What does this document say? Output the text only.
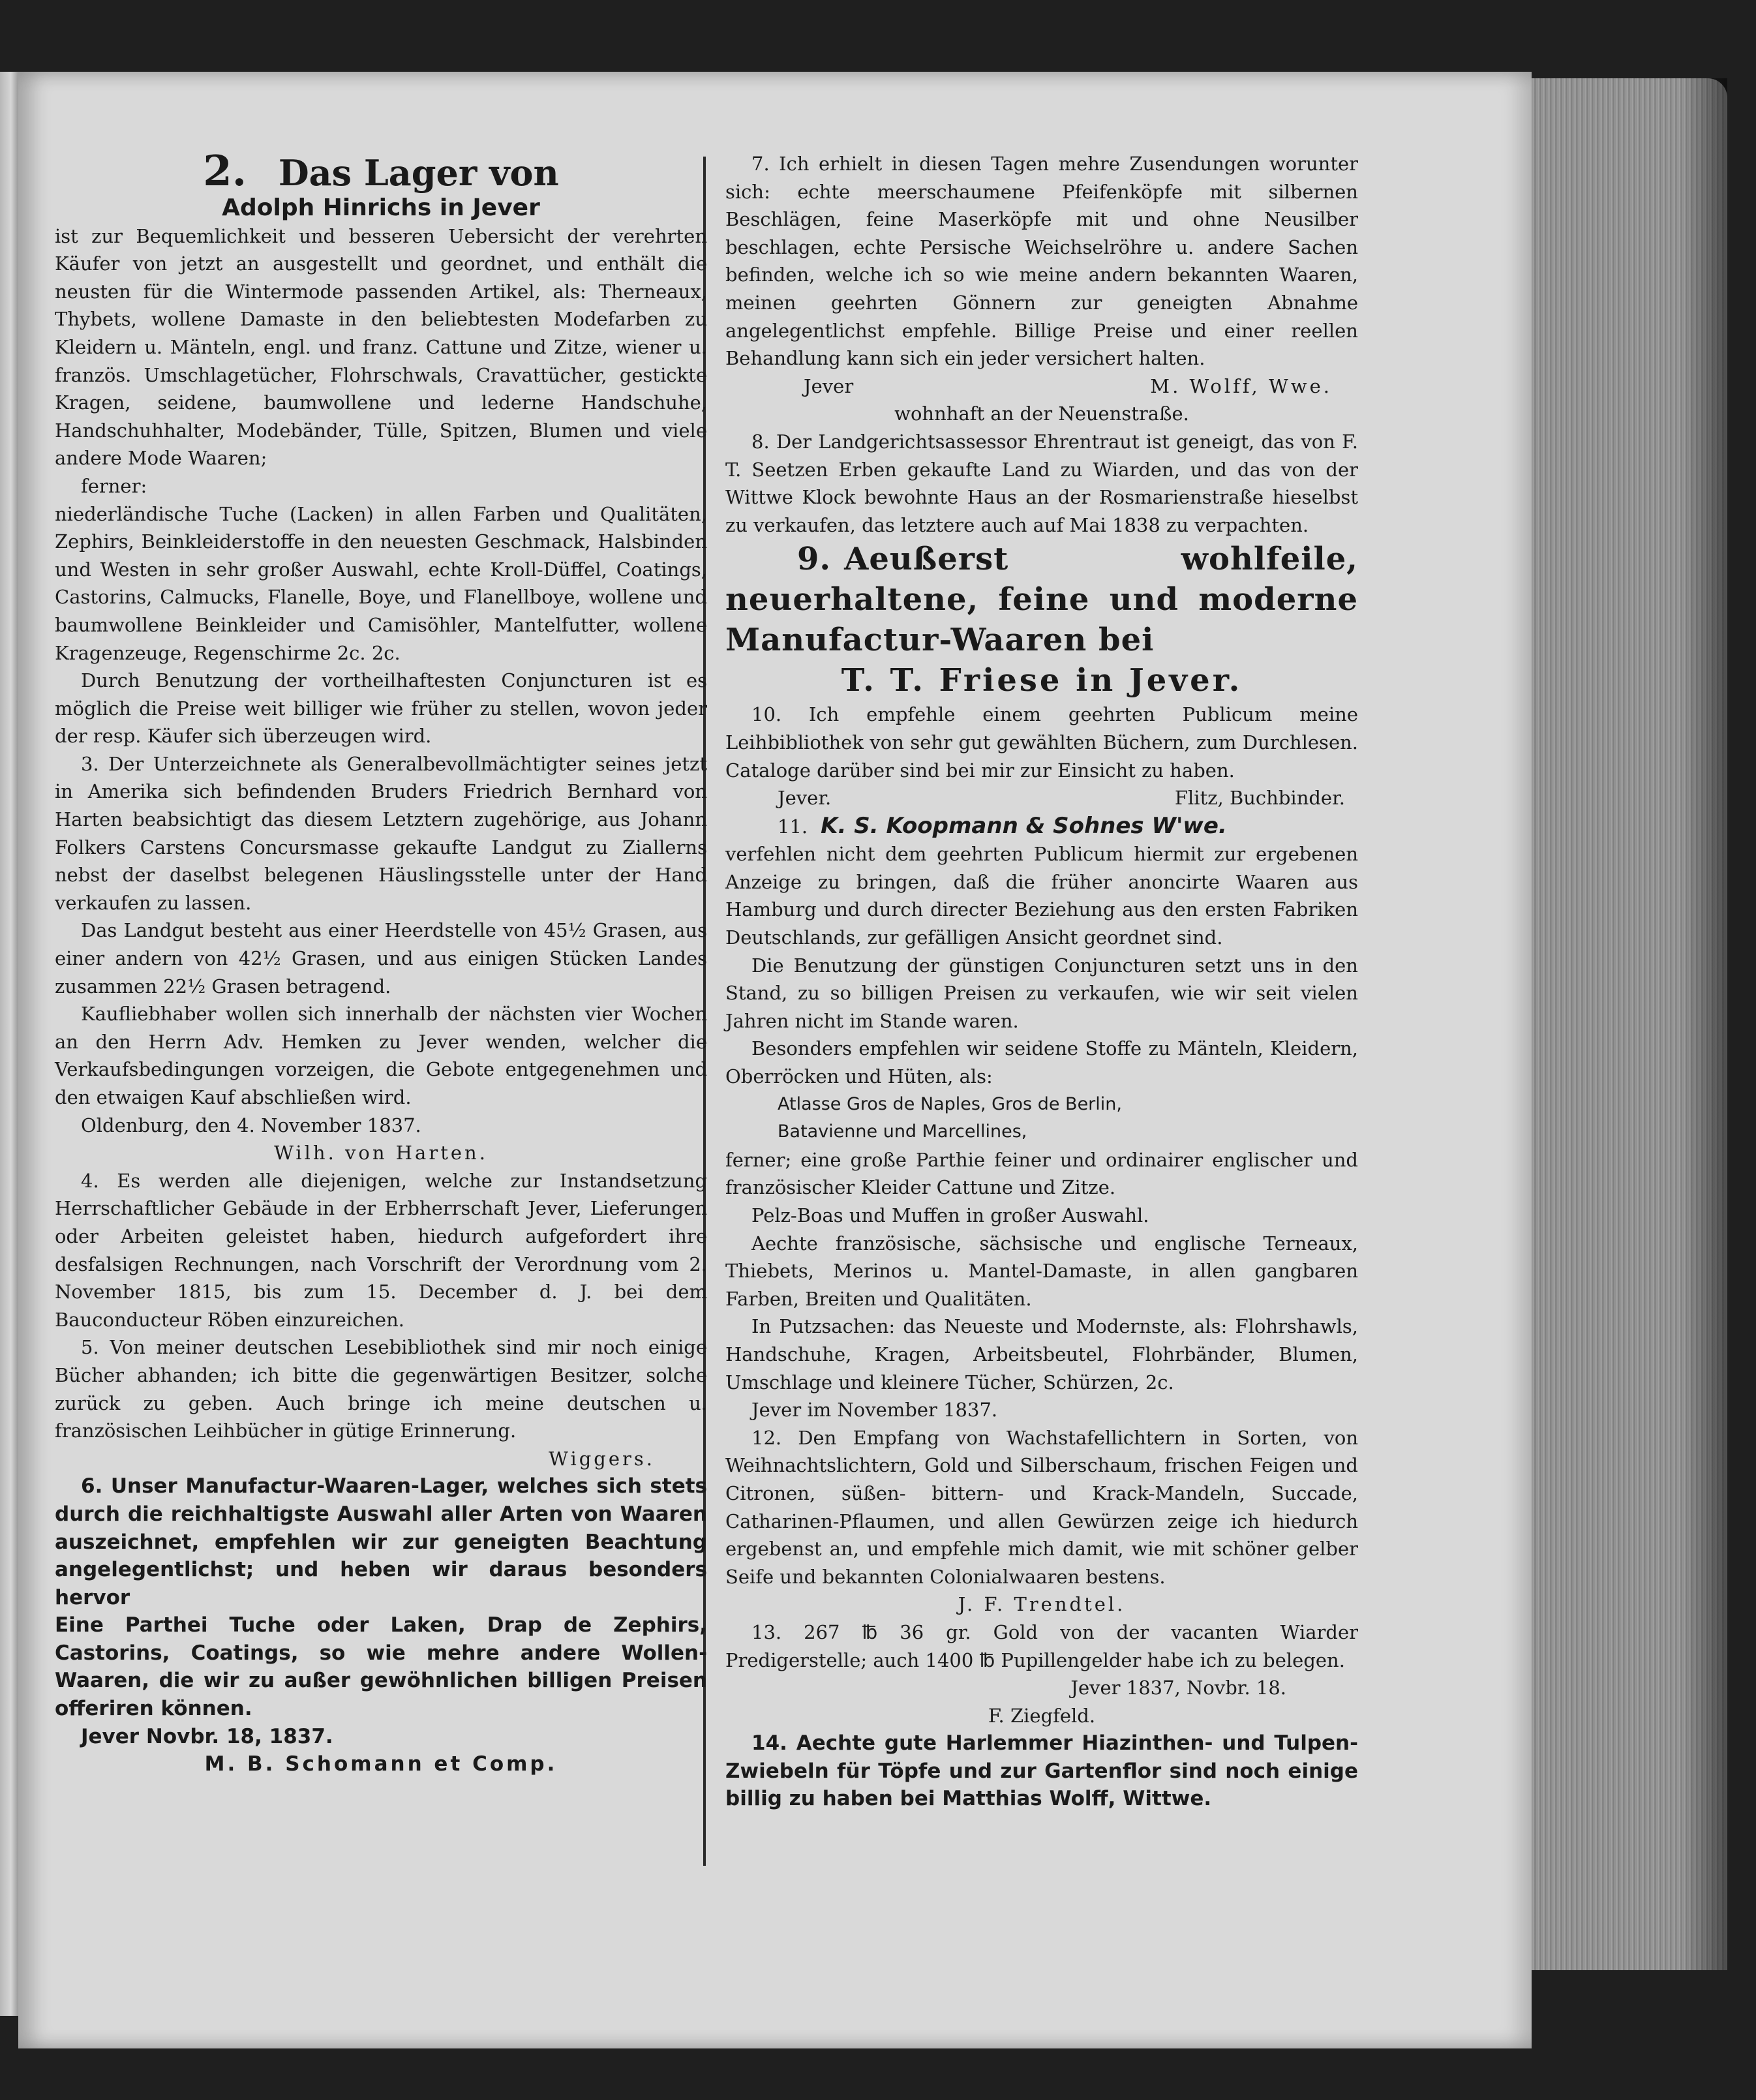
2. Das Lager von

Adolph Hinrichs in Jever

ist zur Bequemlichkeit und besseren Uebersicht der verehrten Käufer von jetzt an ausgestellt und geordnet, und enthält die neusten für die Wintermode passenden Artikel, als: Therneaux, Thybets, wollene Damaste in den beliebtesten Modefarben zu Kleidern u. Mänteln, engl. und franz. Cattune und Zitze, wiener u. französ. Umschlagetücher, Flohrschwals, Cravattücher, gestickte Kragen, seidene, baumwollene und lederne Handschuhe, Handschuhhalter, Modebänder, Tülle, Spitzen, Blumen und viele andere Mode Waaren;

ferner:

niederländische Tuche (Lacken) in allen Farben und Qualitäten, Zephirs, Beinkleiderstoffe in den neuesten Geschmack, Halsbinden und Westen in sehr großer Auswahl, echte Kroll-Düffel, Coatings, Castorins, Calmucks, Flanelle, Boye, und Flanellboye, wollene und baumwollene Beinkleider und Camisöhler, Mantelfutter, wollene Kragenzeuge, Regenschirme 2c. 2c.

Durch Benutzung der vortheilhaftesten Conjuncturen ist es möglich die Preise weit billiger wie früher zu stellen, wovon jeder der resp. Käufer sich überzeugen wird.

3. Der Unterzeichnete als Generalbevollmächtigter seines jetzt in Amerika sich befindenden Bruders Friedrich Bernhard von Harten beabsichtigt das diesem Letztern zugehörige, aus Johann Folkers Carstens Concursmasse gekaufte Landgut zu Ziallerns nebst der daselbst belegenen Häuslingsstelle unter der Hand verkaufen zu lassen.

Das Landgut besteht aus einer Heerdstelle von 45½ Grasen, aus einer andern von 42½ Grasen, und aus einigen Stücken Landes zusammen 22½ Grasen betragend.

Kaufliebhaber wollen sich innerhalb der nächsten vier Wochen an den Herrn Adv. Hemken zu Jever wenden, welcher die Verkaufsbedingungen vorzeigen, die Gebote entgegenehmen und den etwaigen Kauf abschließen wird.

Oldenburg, den 4. November 1837.

Wilh. von Harten.

4. Es werden alle diejenigen, welche zur Instandsetzung Herrschaftlicher Gebäude in der Erbherrschaft Jever, Lieferungen oder Arbeiten geleistet haben, hiedurch aufgefordert ihre desfalsigen Rechnungen, nach Vorschrift der Verordnung vom 2. November 1815, bis zum 15. December d. J. bei dem Bauconducteur Röben einzureichen.

5. Von meiner deutschen Lesebibliothek sind mir noch einige Bücher abhanden; ich bitte die gegenwärtigen Besitzer, solche zurück zu geben. Auch bringe ich meine deutschen u. französischen Leihbücher in gütige Erinnerung.

Wiggers.

6. Unser Manufactur-Waaren-Lager, welches sich stets durch die reichhaltigste Auswahl aller Arten von Waaren auszeichnet, empfehlen wir zur geneigten Beachtung angelegentlichst; und heben wir daraus besonders hervor

Eine Parthei Tuche oder Laken, Drap de Zephirs, Castorins, Coatings, so wie mehre andere Wollen-Waaren, die wir zu außer gewöhnlichen billigen Preisen offeriren können.

Jever Novbr. 18, 1837.

M. B. Schomann et Comp.

7. Ich erhielt in diesen Tagen mehre Zusendungen worunter sich: echte meerschaumene Pfeifenköpfe mit silbernen Beschlägen, feine Maserköpfe mit und ohne Neusilber beschlagen, echte Persische Weichselröhre u. andere Sachen befinden, welche ich so wie meine andern bekannten Waaren, meinen geehrten Gönnern zur geneigten Abnahme angelegentlichst empfehle. Billige Preise und einer reellen Behandlung kann sich ein jeder versichert halten.

Jever	M. Wolff, Wwe.

wohnhaft an der Neuenstraße.

8. Der Landgerichtsassessor Ehrentraut ist geneigt, das von F. T. Seetzen Erben gekaufte Land zu Wiarden, und das von der Wittwe Klock bewohnte Haus an der Rosmarienstraße hieselbst zu verkaufen, das letztere auch auf Mai 1838 zu verpachten.

9. Aeußerst wohlfeile, neuerhaltene, feine und moderne Manufactur-Waaren bei

T. T. Friese in Jever.

10. Ich empfehle einem geehrten Publicum meine Leihbibliothek von sehr gut gewählten Büchern, zum Durchlesen. Cataloge darüber sind bei mir zur Einsicht zu haben.

Jever.	Flitz, Buchbinder.

11. K. S. Koopmann & Sohnes W'we.

verfehlen nicht dem geehrten Publicum hiermit zur ergebenen Anzeige zu bringen, daß die früher anoncirte Waaren aus Hamburg und durch directer Beziehung aus den ersten Fabriken Deutschlands, zur gefälligen Ansicht geordnet sind.

Die Benutzung der günstigen Conjuncturen setzt uns in den Stand, zu so billigen Preisen zu verkaufen, wie wir seit vielen Jahren nicht im Stande waren.

Besonders empfehlen wir seidene Stoffe zu Mänteln, Kleidern, Oberröcken und Hüten, als:

Atlasse Gros de Naples, Gros de Berlin,

Batavienne und Marcellines,

ferner; eine große Parthie feiner und ordinairer englischer und französischer Kleider Cattune und Zitze.

Pelz-Boas und Muffen in großer Auswahl.

Aechte französische, sächsische und englische Terneaux, Thiebets, Merinos u. Mantel-Damaste, in allen gangbaren Farben, Breiten und Qualitäten.

In Putzsachen: das Neueste und Modernste, als: Flohrshawls, Handschuhe, Kragen, Arbeitsbeutel, Flohrbänder, Blumen, Umschlage und kleinere Tücher, Schürzen, 2c.

Jever im November 1837.

12. Den Empfang von Wachstafellichtern in Sorten, von Weihnachtslichtern, Gold und Silberschaum, frischen Feigen und Citronen, süßen- bittern- und Krack-Mandeln, Succade, Catharinen-Pflaumen, und allen Gewürzen zeige ich hiedurch ergebenst an, und empfehle mich damit, wie mit schöner gelber Seife und bekannten Colonialwaaren bestens.

J. F. Trendtel.

13. 267 ℔ 36 gr. Gold von der vacanten Wiarder Predigerstelle; auch 1400 ℔ Pupillengelder habe ich zu belegen.

Jever 1837, Novbr. 18.

F. Ziegfeld.

14. Aechte gute Harlemmer Hiazinthen- und Tulpen-Zwiebeln für Töpfe und zur Gartenflor sind noch einige billig zu haben bei Matthias Wolff, Wittwe.
